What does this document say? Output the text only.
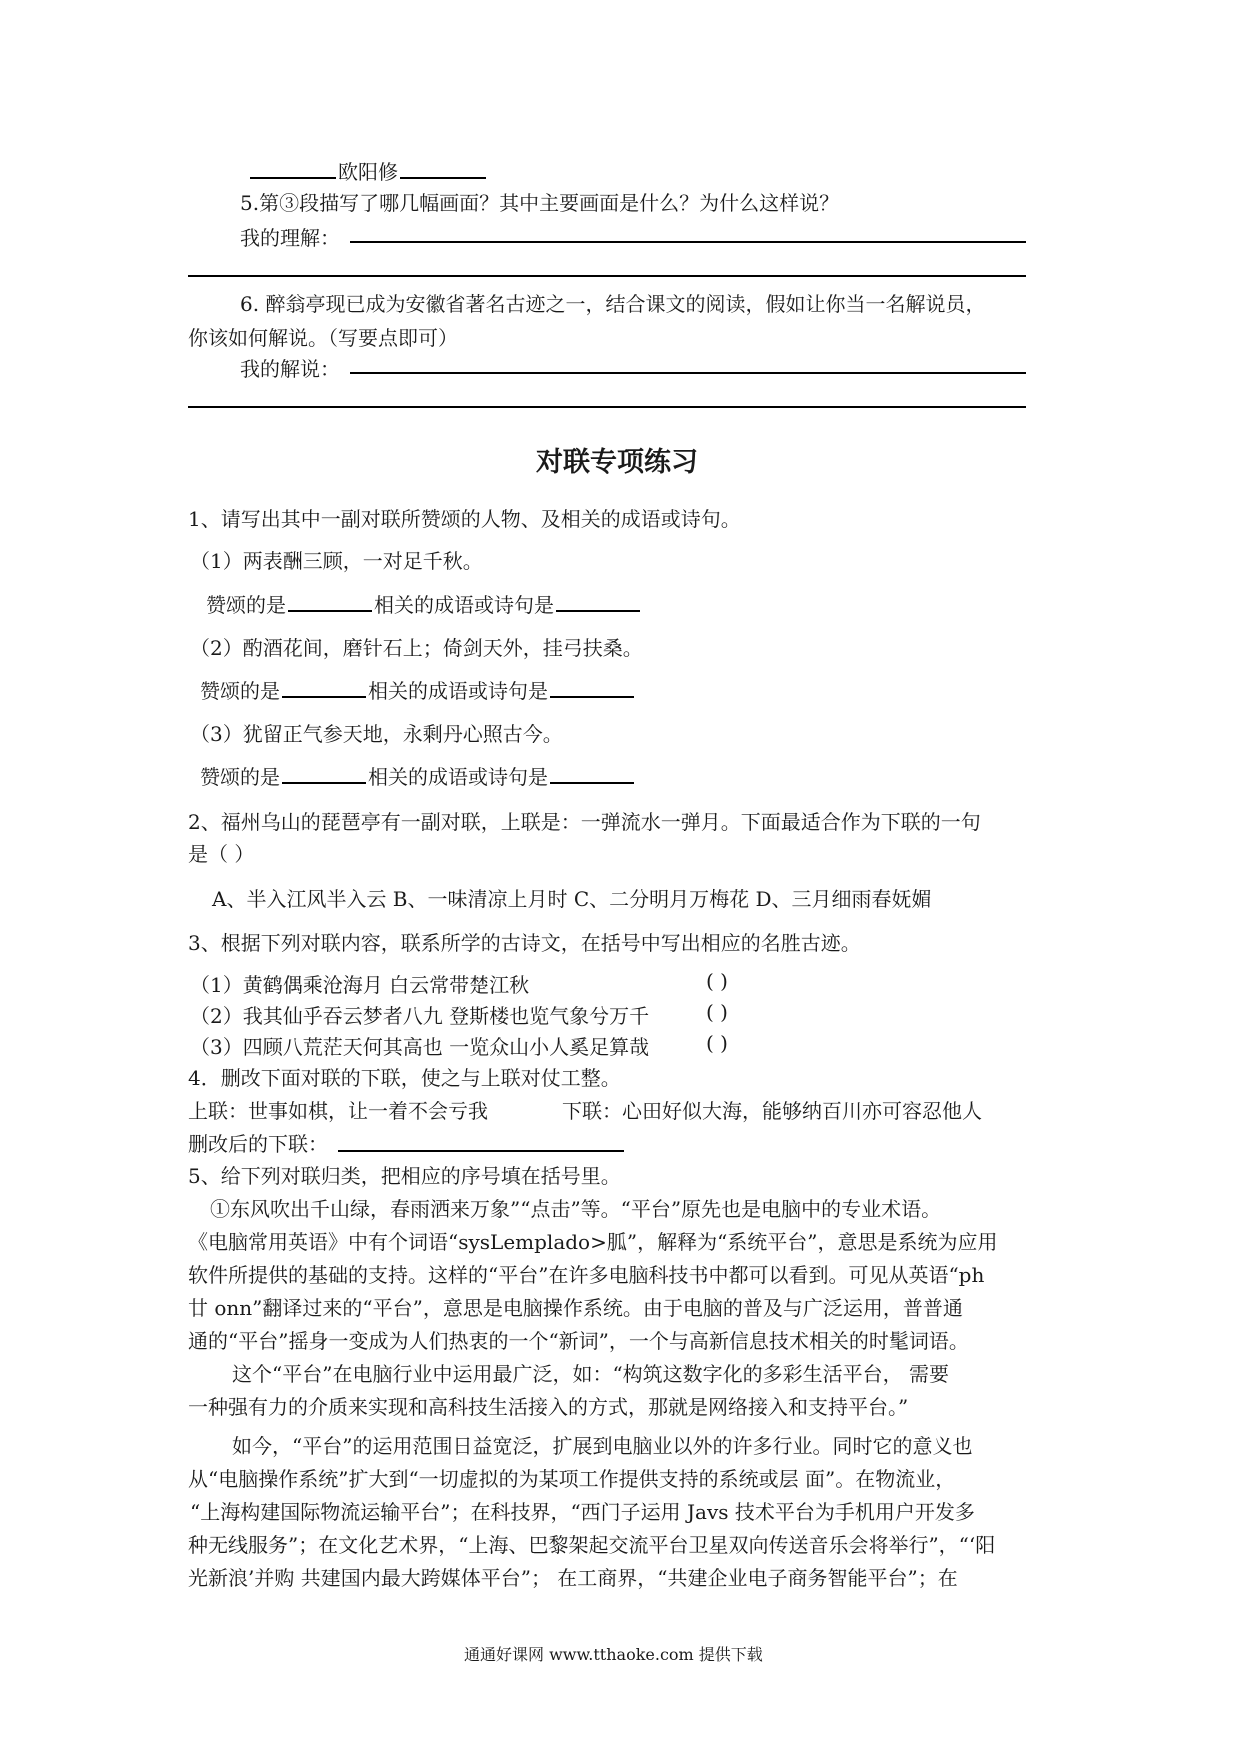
欧阳修
5.第③段描写了哪几幅画面？其中主要画面是什么？为什么这样说？
我的理解：
6. 醉翁亭现已成为安徽省著名古迹之一，结合课文的阅读，假如让你当一名解说员，
你该如何解说。（写要点即可）
我的解说：
对联专项练习
1、请写出其中一副对联所赞颂的人物、及相关的成语或诗句。
（1）两表酬三顾，一对足千秋。
赞颂的是	相关的成语或诗句是
（2）酌酒花间，磨针石上；倚剑天外，挂弓扶桑。
赞颂的是	相关的成语或诗句是
（3）犹留正气参天地，永剩丹心照古今。
赞颂的是	相关的成语或诗句是
2、福州乌山的琵琶亭有一副对联，上联是：一弹流水一弹月。下面最适合作为下联的一句
是（ ）
A、半入江风半入云 B、一味清凉上月时 C、二分明月万梅花 D、三月细雨春妩媚
3、根据下列对联内容，联系所学的古诗文，在括号中写出相应的名胜古迹。
（1）黄鹤偶乘沧海月 白云常带楚江秋	( )
（2）我其仙乎吞云梦者八九 登斯楼也览气象兮万千	( )
（3）四顾八荒茫天何其高也 一览众山小人奚足算哉	( )
4．删改下面对联的下联，使之与上联对仗工整。
上联：世事如棋，让一着不会亏我	下联：心田好似大海，能够纳百川亦可容忍他人
删改后的下联：
5、给下列对联归类，把相应的序号填在括号里。
①东风吹出千山绿，春雨洒来万象”“点击”等。“平台”原先也是电脑中的专业术语。
《电脑常用英语》中有个词语“sysLemplado>胍”，解释为“系统平台”，意思是系统为应用
软件所提供的基础的支持。这样的“平台”在许多电脑科技书中都可以看到。可见从英语“ph
廿 onn”翻译过来的“平台”，意思是电脑操作系统。由于电脑的普及与广泛运用，普普通
通的“平台”摇身一变成为人们热衷的一个“新词”，一个与高新信息技术相关的时髦词语。
这个“平台”在电脑行业中运用最广泛，如：“构筑这数字化的多彩生活平台， 需要
一种强有力的介质来实现和高科技生活接入的方式，那就是网络接入和支持平台。”
如今，“平台”的运用范围日益宽泛，扩展到电脑业以外的许多行业。同时它的意义也
从“电脑操作系统”扩大到“一切虚拟的为某项工作提供支持的系统或层 面”。在物流业，
“上海构建国际物流运输平台”；在科技界，“西门子运用 Javs 技术平台为手机用户开发多
种无线服务”；在文化艺术界，“上海、巴黎架起交流平台卫星双向传送音乐会将举行”，“‘阳
光新浪’并购 共建国内最大跨媒体平台”； 在工商界，“共建企业电子商务智能平台”；在
通通好课网 www.tthaoke.com 提供下载
